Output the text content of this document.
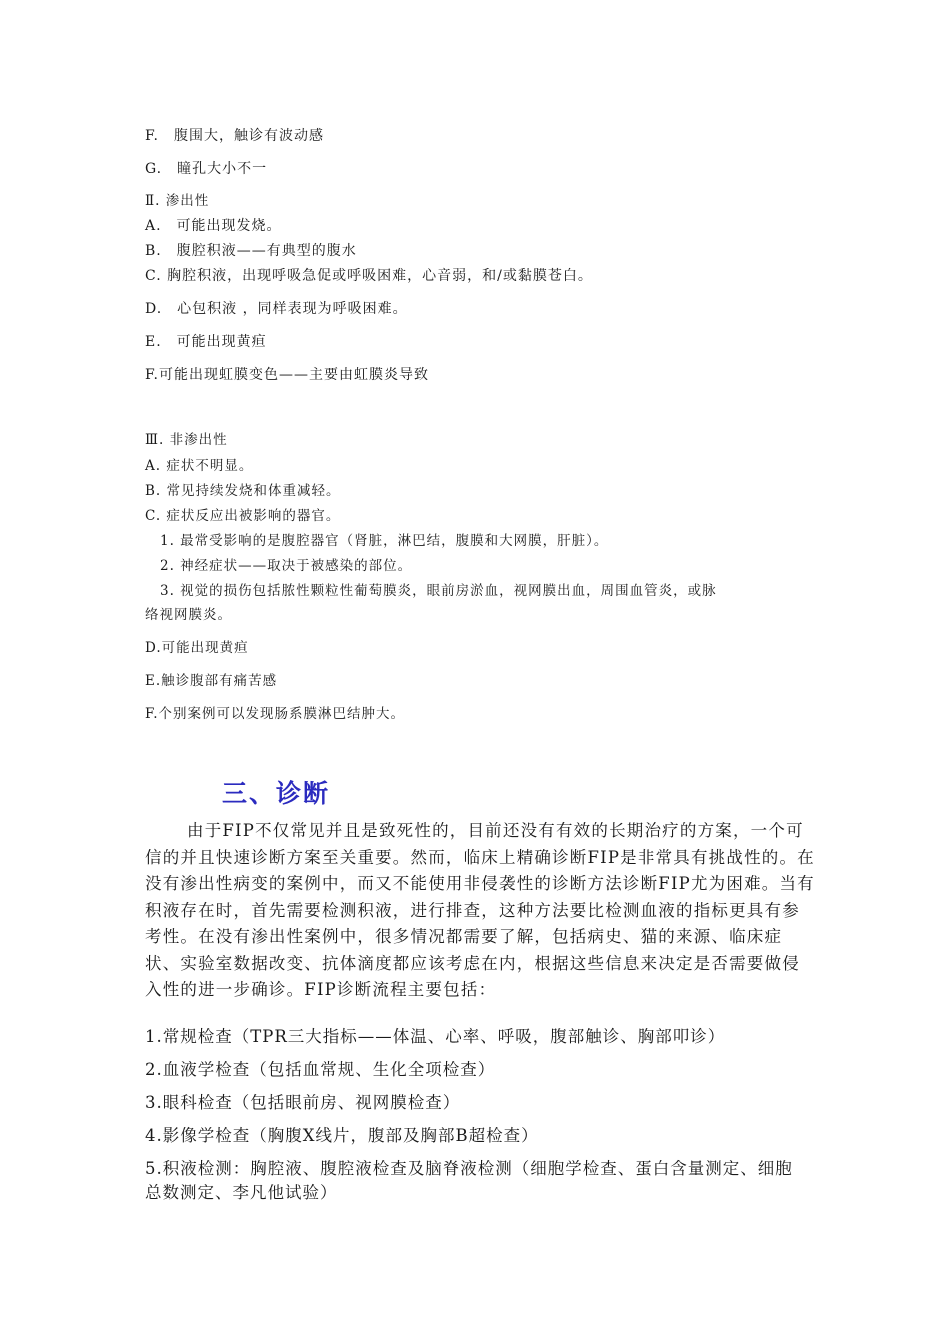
F.　腹围大，触诊有波动感
G.　瞳孔大小不一
Ⅱ. 渗出性
A.　可能出现发烧。
B.　腹腔积液——有典型的腹水
C. 胸腔积液，出现呼吸急促或呼吸困难，心音弱，和/或黏膜苍白。
D.　心包积液 ，同样表现为呼吸困难。
E.　可能出现黄疸
F.可能出现虹膜变色——主要由虹膜炎导致
Ⅲ. 非渗出性
A. 症状不明显。
B. 常见持续发烧和体重减轻。
C. 症状反应出被影响的器官。
1. 最常受影响的是腹腔器官（肾脏，淋巴结，腹膜和大网膜，肝脏）。
2. 神经症状——取决于被感染的部位。
3. 视觉的损伤包括脓性颗粒性葡萄膜炎，眼前房淤血，视网膜出血，周围血管炎，或脉
络视网膜炎。
D.可能出现黄疸
E.触诊腹部有痛苦感
F.个别案例可以发现肠系膜淋巴结肿大。
三、诊断
由于FIP不仅常见并且是致死性的，目前还没有有效的长期治疗的方案，一个可信的并且快速诊断方案至关重要。然而，临床上精确诊断FIP是非常具有挑战性的。在没有渗出性病变的案例中，而又不能使用非侵袭性的诊断方法诊断FIP尤为困难。当有积液存在时，首先需要检测积液，进行排查，这种方法要比检测血液的指标更具有参考性。在没有渗出性案例中，很多情况都需要了解，包括病史、猫的来源、临床症状、实验室数据改变、抗体滴度都应该考虑在内，根据这些信息来决定是否需要做侵入性的进一步确诊。FIP诊断流程主要包括：
1.常规检查（TPR三大指标——体温、心率、呼吸，腹部触诊、胸部叩诊）
2.血液学检查（包括血常规、生化全项检查）
3.眼科检查（包括眼前房、视网膜检查）
4.影像学检查（胸腹X线片，腹部及胸部B超检查）
5.积液检测：胸腔液、腹腔液检查及脑脊液检测（细胞学检查、蛋白含量测定、细胞总数测定、李凡他试验）
